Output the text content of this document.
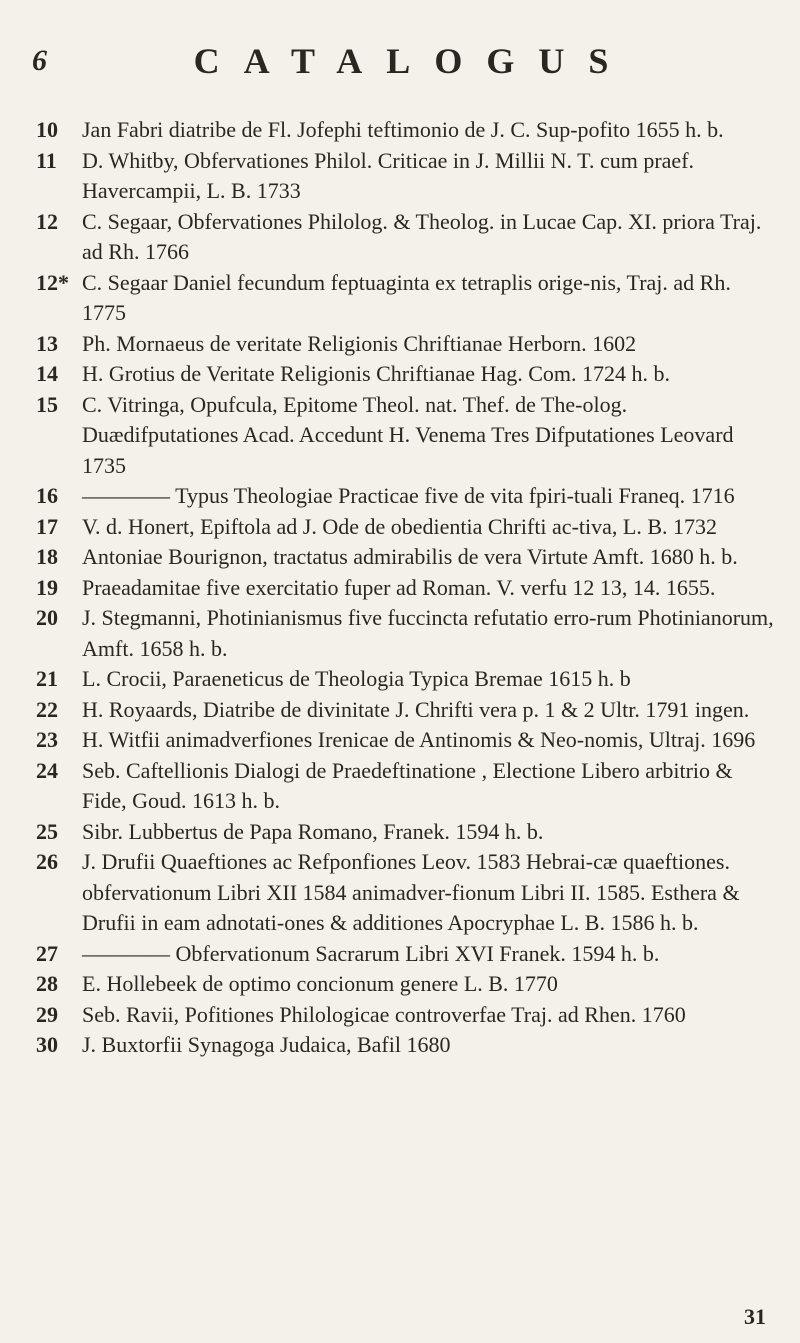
6	CATALOGUS
10 Jan Fabri diatribe de Fl. Jofephi teftimonio de J. C. Sup-pofito 1655 h. b.
11 D. Whitby, Obfervationes Philol. Criticae in J. Millii N. T. cum praef. Havercampii, L. B. 1733
12 C. Segaar, Obfervationes Philolog. & Theolog. in Lucae Cap. XI. priora Traj. ad Rh. 1766
12* C. Segaar Daniel fecundum feptuaginta ex tetraplis orige-nis, Traj. ad Rh. 1775
13 Ph. Mornaeus de veritate Religionis Chriftianae Herborn. 1602
14 H. Grotius de Veritate Religionis Chriftianae Hag. Com. 1724 h. b.
15 C. Vitringa, Opufcula, Epitome Theol. nat. Thef. de The-olog. Duædifputationes Acad. Accedunt H. Venema Tres Difputationes Leovard 1735
16 ———— Typus Theologiae Practicae five de vita fpiri-tuali Franeq. 1716
17 V. d. Honert, Epiftola ad J. Ode de obedientia Chrifti ac-tiva, L. B. 1732
18 Antoniae Bourignon, tractatus admirabilis de vera Virtute Amft. 1680 h. b.
19 Praeadamitae five exercitatio fuper ad Roman. V. verfu 12 13, 14. 1655.
20 J. Stegmanni, Photinianismus five fuccincta refutatio erro-rum Photinianorum, Amft. 1658 h. b.
21 L. Crocii, Paraeneticus de Theologia Typica Bremae 1615 h. b
22 H. Royaards, Diatribe de divinitate J. Chrifti vera p. 1 & 2 Ultr. 1791 ingen.
23 H. Witfii animadverfiones Irenicae de Antinomis & Neo-nomis, Ultraj. 1696
24 Seb. Caftellionis Dialogi de Praedeftinatione , Electione Libero arbitrio & Fide, Goud. 1613 h. b.
25 Sibr. Lubbertus de Papa Romano, Franek. 1594 h. b.
26 J. Drufii Quaeftiones ac Refponfiones Leov. 1583 Hebrai-cæ quaeftiones. obfervationum Libri XII 1584 animadver-fionum Libri II. 1585. Esthera & Drufii in eam adnotati-ones & additiones Apocryphae L. B. 1586 h. b.
27 ———— Obfervationum Sacrarum Libri XVI Franek. 1594 h. b.
28 E. Hollebeek de optimo concionum genere L. B. 1770
29 Seb. Ravii, Pofitiones Philologicae controverfae Traj. ad Rhen. 1760
30 J. Buxtorfii Synagoga Judaica, Bafil 1680
31
